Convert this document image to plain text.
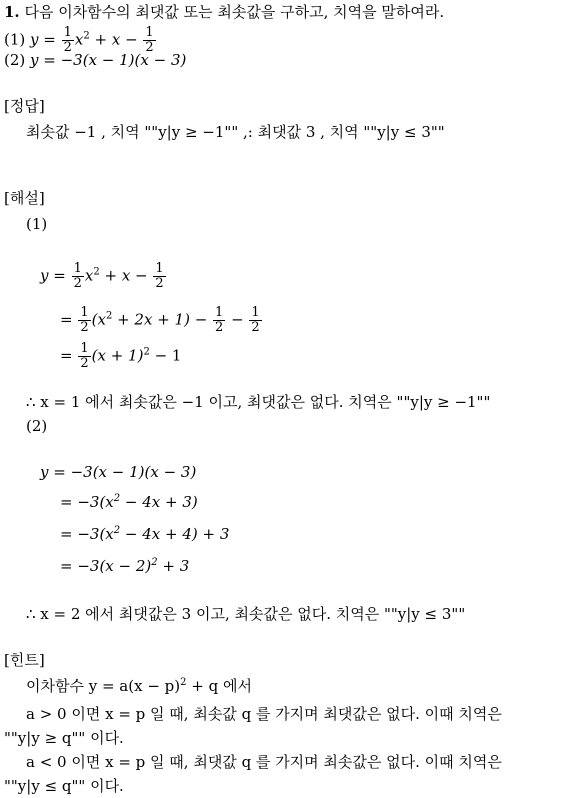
1. 다음 이차함수의 최댓값 또는 최솟값을 구하고, 치역을 말하여라.
(1) $y = \frac{1}{2} x^2 + x - \frac{1}{2}$
(2) y = −3(x − 1)(x − 3)
[정답]
최솟값 −1 , 치역 ""y|y ≥ −1"" ,: 최댓값 3 , 치역 ""y|y ≤ 3""
[해설]
(1)
$y = \frac{1}{2} x^2 + x - \frac{1}{2}$
= $\frac{1}{2} (x^2 + 2x + 1) - \frac{1}{2} - \frac{1}{2}$
= $\frac{1}{2} (x + 1)^2 - 1$
∴ x = 1 에서 최솟값은 −1 이고, 최댓값은 없다. 치역은 ""y|y ≥ −1""
(2)
y = −3(x − 1)(x − 3)
= $-3(x^2 - 4x + 3)$
= $-3(x^2 - 4x + 4) + 3$
= $-3(x - 2)^2 + 3$
∴ x = 2 에서 최댓값은 3 이고, 최솟값은 없다. 치역은 ""y|y ≤ 3""
[힌트]
이차함수 $y = a(x - p)^2 + q$ 에서
a > 0 이면 x = p 일 때, 최솟값 q 를 가지며 최댓값은 없다. 이때 치역은
""y|y ≥ q"" 이다.
a < 0 이면 x = p 일 때, 최댓값 q 를 가지며 최솟값은 없다. 이때 치역은
""y|y ≤ q"" 이다.
